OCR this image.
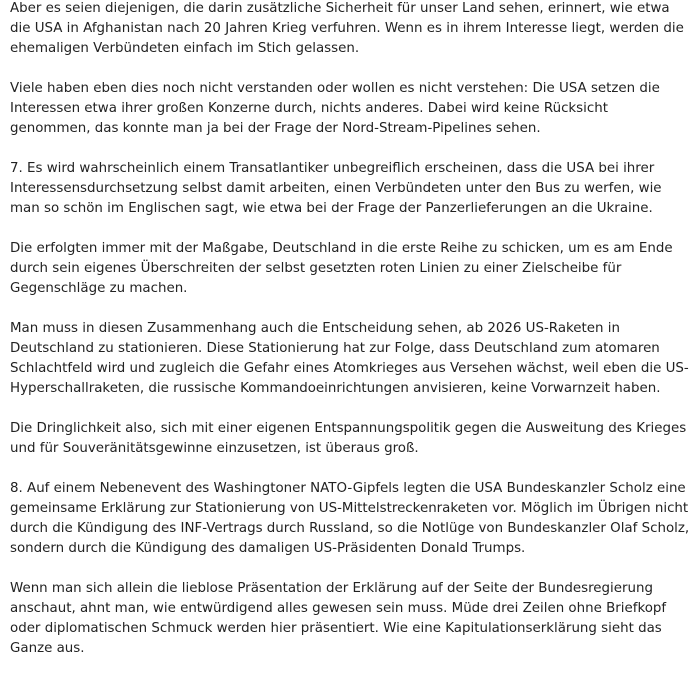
Aber es seien diejenigen, die darin zusätzliche Sicherheit für unser Land sehen, erinnert, wie etwa die USA in Afghanistan nach 20 Jahren Krieg verfuhren. Wenn es in ihrem Interesse liegt, werden die ehemaligen Verbündeten einfach im Stich gelassen.

Viele haben eben dies noch nicht verstanden oder wollen es nicht verstehen: Die USA setzen die Interessen etwa ihrer großen Konzerne durch, nichts anderes. Dabei wird keine Rücksicht genommen, das konnte man ja bei der Frage der Nord-Stream-Pipelines sehen.

7. Es wird wahrscheinlich einem Transatlantiker unbegreiflich erscheinen, dass die USA bei ihrer Interessensdurchsetzung selbst damit arbeiten, einen Verbündeten unter den Bus zu werfen, wie man so schön im Englischen sagt, wie etwa bei der Frage der Panzerlieferungen an die Ukraine.

Die erfolgten immer mit der Maßgabe, Deutschland in die erste Reihe zu schicken, um es am Ende durch sein eigenes Überschreiten der selbst gesetzten roten Linien zu einer Zielscheibe für Gegenschläge zu machen.

Man muss in diesen Zusammenhang auch die Entscheidung sehen, ab 2026 US-Raketen in Deutschland zu stationieren. Diese Stationierung hat zur Folge, dass Deutschland zum atomaren Schlachtfeld wird und zugleich die Gefahr eines Atomkrieges aus Versehen wächst, weil eben die US-Hyperschallraketen, die russische Kommandoeinrichtungen anvisieren, keine Vorwarnzeit haben.

Die Dringlichkeit also, sich mit einer eigenen Entspannungspolitik gegen die Ausweitung des Krieges und für Souveränitätsgewinne einzusetzen, ist überaus groß.

8. Auf einem Nebenevent des Washingtoner NATO-Gipfels legten die USA Bundeskanzler Scholz eine gemeinsame Erklärung zur Stationierung von US-Mittelstreckenraketen vor. Möglich im Übrigen nicht durch die Kündigung des INF-Vertrags durch Russland, so die Notlüge von Bundeskanzler Olaf Scholz, sondern durch die Kündigung des damaligen US-Präsidenten Donald Trumps.

Wenn man sich allein die lieblose Präsentation der Erklärung auf der Seite der Bundesregierung anschaut, ahnt man, wie entwürdigend alles gewesen sein muss. Müde drei Zeilen ohne Briefkopf oder diplomatischen Schmuck werden hier präsentiert. Wie eine Kapitulationserklärung sieht das Ganze aus.
